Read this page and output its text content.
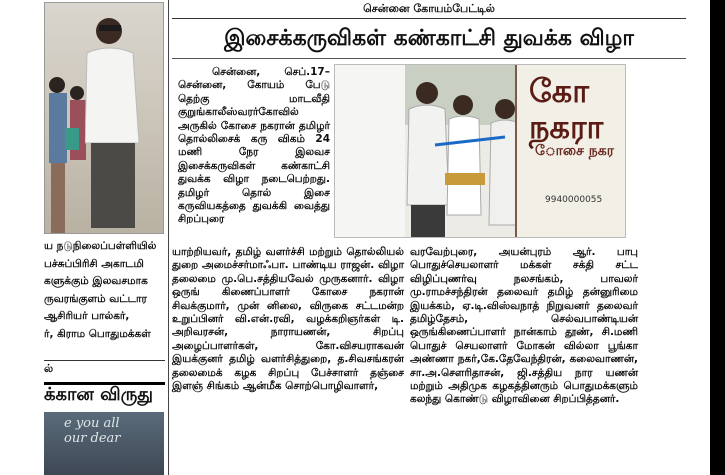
ய நடுநிலைப்பள்ளியில்
பச்சுப்பிரிசி அகாடமி
களுக்கும் இலவசமாக
ருவரங்குளம் வட்டார
ஆசிரியர் பால்கர்,
ர், கிராம பொதுமக்கள்
ல்
க்கான விருது
e you all
our dear
சென்னை கோயம்பேட்டில்
இசைக்கருவிகள் கண்காட்சி துவக்க விழா
சென்னை, செப்.17– சென்னை, கோயம் பேடு தெற்கு மாடவீதி குறுங்காலீஸ்வரர்கோவில் அருகில் கோசை நகரான் தமிழர் தொல்லிசைக் கரு விகம் 24 மணி நேர இலவச இசைக்கருவிகள் கண்காட்சி துவக்க விழா நடைபெற்றது. தமிழர் தொல் இசை கருவியகத்தை துவக்கி வைத்து சிறப்புரை
கோ
நகரா
ோசை நகர
9940000055
யாற்றியவர், தமிழ் வளர்ச்சி மற்றும் தொல்லியல் துறை அமைச்சர்மாஃபா. பாண்டிய ராஜன். விழா தலைமை மு.பெ.சத்தியவேல் முருகனார். விழா ஒருங் கிணைப்பாளர் கோசை நகரான் சிவக்குமார், முன் னிலை, விருகை சட்டமன்ற உறுப்பினர் வி.என்.ரவி, வழக்கறிஞர்கள் டி. அறிவரசன், நாராயணன், சிறப்பு அழைப்பாளர்கள், கோ.விசயராகவன் இயக்குனர் தமிழ் வளர்சித்துறை, த.சிவசங்கரன் தலைமைக் கழக சிறப்பு பேச்சாளர் தஞ்சை இளஞ் சிங்கம் ஆன்மீக சொற்பொழிவாளர்,
வரவேற்புரை, அயன்புரம் ஆர். பாபு பொதுச்செயலாளர் மக்கள் சக்தி சட்ட விழிப்புணர்வு நலசங்கம், பாவலர் மு.ராமச்சந்திரன் தலைவர் தமிழ் தன்னுரிமை இயக்கம், ஏ.டி.விஸ்வநாத் நிறுவனர் தலைவர் தமிழ்தேசம், செல்வபாண்டியன் ஒருங்கிணைப்பாளர் நான்காம் தூண், சி.மணி பொதுச் செயலாளர் மோகன் வில்லா பூங்கா அண்ணா நகர்,கே.தேவேந்திரன், கலைவாணன், சா.அ.சௌரிதாசன், ஜி.சத்திய நார யணன் மற்றும் அதிமுக கழகத்தினரும் பொதுமக்களும் கலந்து கொண்டு விழாவினை சிறப்பித்தனர்.
